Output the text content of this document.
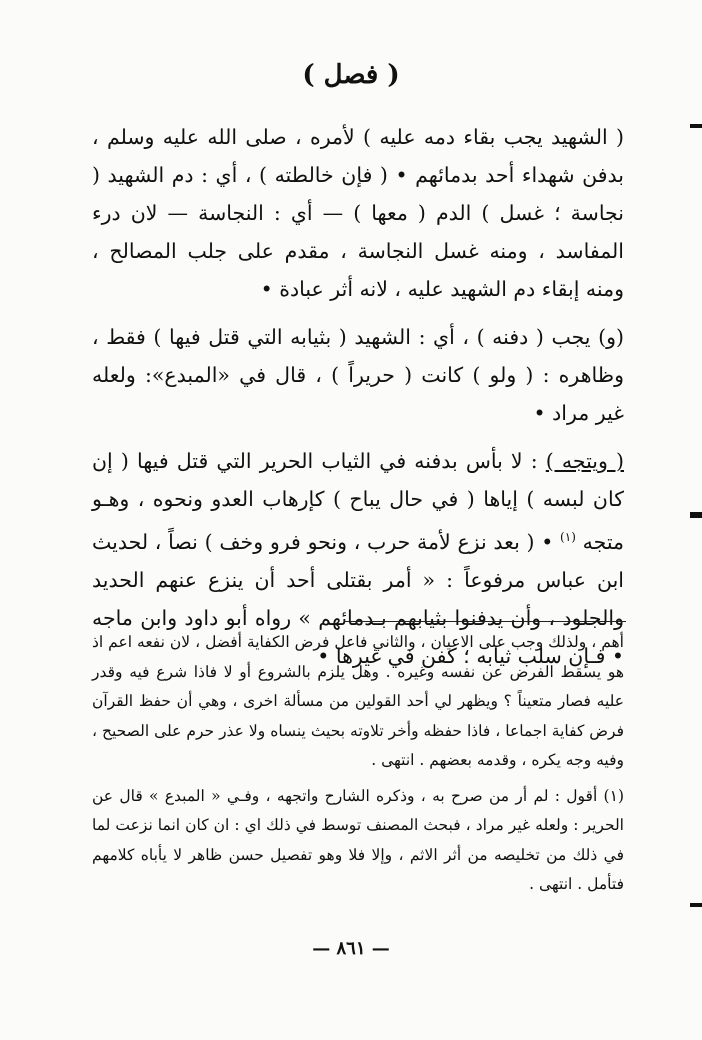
( فصل )

( الشهيد يجب بقاء دمه عليه ) لأمره ، صلى الله عليه وسلم ، بدفن شهداء أحد بدمائهم • ( فإن خالطته ) ، أي : دم الشهيد ( نجاسة ؛ غسل ) الدم ( معها ) — أي : النجاسة — لان درء المفاسد ، ومنه غسل النجاسة ، مقدم على جلب المصالح ، ومنه إبقاء دم الشهيد عليه ، لانه أثر عبادة •

(و) يجب ( دفنه ) ، أي : الشهيد ( بثيابه التي قتل فيها ) فقط ، وظاهره : ( ولو ) كانت ( حريراً ) ، قال في «المبدع»: ولعله غير مراد •

( ويتجه ) : لا بأس بدفنه في الثياب الحرير التي قتل فيها ( إن كان لبسه ) إياها ( في حال يباح ) كإرهاب العدو ونحوه ، وهـو متجه $^{(١)}$ • ( بعد نزع لأمة حرب ، ونحو فرو وخف ) نصاً ، لحديث ابن عباس مرفوعاً : « أمر بقتلى أحد أن ينزع عنهم الحديد والجلود ، وأن يدفنوا بثيابهم بـدمائهم » رواه أبو داود وابن ماجه • فـإن سلب ثيابه ؛ كفن في غيرها •

أهم ، ولذلك وجب على الاعيان ، والثاني فاعل فرض الكفاية أفضل ، لان نفعه اعم اذ هو يسقط الفرض عن نفسه وغيره . وهل يلزم بالشروع أو لا فاذا شرع فيه وقدر عليه فصار متعيناً ؟ ويظهر لي أحد القولين من مسألة اخرى ، وهي أن حفظ القرآن فرض كفاية اجماعا ، فاذا حفظه وأخر تلاوته بحيث ينساه ولا عذر حرم على الصحيح ، وفيه وجه يكره ، وقدمه بعضهم . انتهى .

(١) أقول : لم أر من صرح به ، وذكره الشارح واتجهه ، وفـي « المبدع » قال عن الحرير : ولعله غير مراد ، فبحث المصنف توسط في ذلك اي : ان كان انما نزعت لما في ذلك من تخليصه من أثر الاثم ، وإلا فلا وهو تفصيل حسن ظاهر لا يأباه كلامهم فتأمل . انتهى .

— ٨٦١ —
